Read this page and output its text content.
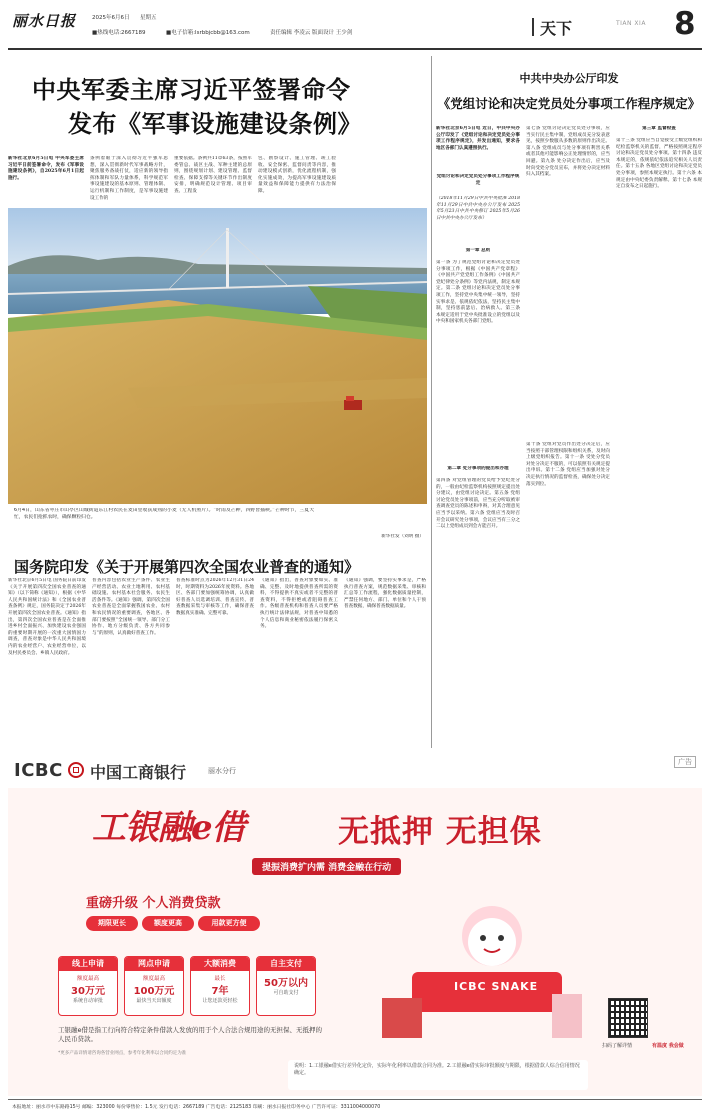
丽水日报	2025年6月6日 星期五
■热线电话:2667189	■电子信箱:lsrbbjcbb@163.com	责任编辑 李凌云 版面设计 王少剑	天下	TIAN XIA 8
中央军委主席习近平签署命令
发布《军事设施建设条例》
新华社北京6月5日电 中央军委主席习近平日前签署命令，发布《军事设施建设条例》，自2025年6月1日起施行。
条例着眼于深入贯彻习近平强军思想，深入贯彻新时代军事战略方针，聚焦服务备战打仗，适应新的领导指挥体制和军队力量体系，科学规范军事设施建设的基本原则、管理体制、运行机制和工作制度，是军事设施建设工作的
重要依据。条例共11章63条，按照军委管总、战区主战、军种主建的总原则，围绕规划计划、建设管理、监督检查、保障支撑等关键环节作出制度安排，明确规范设计管理、项目审查、工程发
包、勘察设计、施工管理、竣工验收、安全保密、监督问责等内容，推动建设模式创新，优化流程机制，强化实施成效，为提高军事设施建设质量效益和保障能力提供有力法治保障。
6月4日，山东省枣庄市山亭区山城街道东江村农民在麦田里收获成熟的小麦（无人机照片）。“时雨及芒种，四野皆插秧。”芒种时节，三夏大忙，农民们抢抓农时，确保颗粒归仓。
新华社发（刘明 摄）
国务院印发《关于开展第四次全国农业普查的通知》
新华社北京6月5日电 国务院日前印发《关于开展第四次全国农业普查的通知》（以下简称《通知》），根据《中华人民共和国统计法》和《全国农业普查条例》规定，国务院决定于2026年开展第四次全国农业普查。《通知》指出，第四次全国农业普查是在全面推进乡村全面振兴、加快建设农业强国的重要时期开展的一次重大国情国力调查，普查对象是中华人民共和国境内的农业经营户、农业经营单位，以及村民委员会、乡镇人民政府。
普查内容包括农业生产条件、农业生产经营活动、农业土地利用、农村基础设施、农村基本社会服务、农民生活条件等。《通知》强调，第四次全国农业普查是全面掌握我国农业、农村和农民情况的重要调查，各地区、各部门要按照“全国统一领导、部门分工协作、地方分级负责、各方共同参与”的原则，认真做好普查工作。
普查标准时点为2026年12月31日24时，时期资料为2026年度资料。各地区、各部门要加强统筹协调，认真做好普查人员选调培训、普查宣传、普查数据采集与审核等工作，确保普查数据真实准确、完整可靠。
《通知》指出，普查对象要如实、准确、完整、及时地提供普查所需的资料，不得提供不真实或者不完整的普查资料，不得拒绝或者阻碍普查工作。各级普查机构和普查人员要严格执行统计法律法规，对普查中知悉的个人信息和商业秘密依法履行保密义务。
《通知》强调，要坚持实事求是，严格执行普查方案，规范数据采集、审核和汇总等工作流程，强化数据质量控制，严禁任何地方、部门、单位和个人干预普查数据，确保普查数据质量。
中共中央办公厅印发
《党组讨论和决定党员处分事项工作程序规定》
新华社北京6月5日电 近日，中共中央办公厅印发了《党组讨论和决定党员处分事项工作程序规定》，并发出通知，要求各地区各部门认真遵照执行。
党组讨论和决定党员处分事项工作程序规定
（2018年11月29日中共中央批准 2018年11月29日中共中央办公厅发布 2025年5月23日中共中央修订 2025年5月26日中共中央办公厅发布）
第一章 总则
第一条 为了规范党组讨论和决定党员处分事项工作，根据《中国共产党章程》《中国共产党党组工作条例》《中国共产党纪律处分条例》等党内法规，制定本规定。第二条 党组讨论和决定党员处分事项工作，坚持党中央集中统一领导，坚持实事求是、依规依纪依法，坚持民主集中制，坚持惩前毖后、治病救人。第三条 本规定适用于党中央批准设立的党组以及中央和国家机关各部门党组。
第二章 处分事项的提出和办理
第四条 对党组管理的党员给予党纪处分的，一般由纪检监察机构按照规定提出处分建议，由党组讨论决定。第五条 党组讨论党员处分事项前，应当充分听取被审查调查党员的陈述和申辩，对其合理意见应当予以采纳。第六条 党组应当及时召开会议研究处分事项，会议应当有三分之二以上党组成员到会方能召开。
第七条 党组讨论决定党员处分事项，应当实行民主集中制，党组成员充分发表意见，按照少数服从多数的原则作出决定。第八条 党组成员与处分事项有利害关系或者其他可能影响公正处理情形的，应当回避。第九条 处分决定作出后，应当及时向受处分党员宣布，并将处分决定材料归入其档案。
第十条 党组对党员作出处分决定后，应当按照干部管理权限和组织关系，及时向上级党组织报告。第十一条 受处分党员对处分决定不服的，可以依照有关规定提出申诉。第十二条 党组应当加强对处分决定执行情况的监督检查，确保处分决定落实到位。
第三章 监督检查
第十三条 党组应当自觉接受上级党组织和纪检监察机关的监督，严格按照规定程序讨论和决定党员处分事项。第十四条 违反本规定的，依规依纪依法追究相关人员责任。第十五条 各地区党组讨论和决定党员处分事项，参照本规定执行。第十六条 本规定由中央纪委负责解释。第十七条 本规定自发布之日起施行。
广告
ICBC 中国工商银行	丽水分行
工银融e借	无抵押 无担保
提振消费扩内需 消费金融在行动
重磅升级 个人消费贷款
期限更长	额度更高	用款更方便
线上申请
额度最高
30万元
系统自动审批
网点申请
额度最高
100万元
最快当天出额度
大额消费
最长
7年
让您还款更轻松
自主支付
50万以内
可自助支付
工银融e借是指工行向符合特定条件借款人发放的用于个人合法合规用途的无担保、无抵押的人民币贷款。
*更多产品详情请咨询各营业网点，参考年化利率以合同约定为准
ICBC SNAKE
扫码了解详情	有温度 我会做
说明：1.工银融e借实行差异化定价，实际年化利率以借款合同为准。2.工银融e借实际审批额度与期限，根据借款人综合信用情况确定。
本报地址：丽水市中东路路15号 邮编：323000 每份零售价：1.5元 发行电话：2667189 广告电话：2125183 印刷：丽水日报社印务中心 广告许可证：3311004000070
